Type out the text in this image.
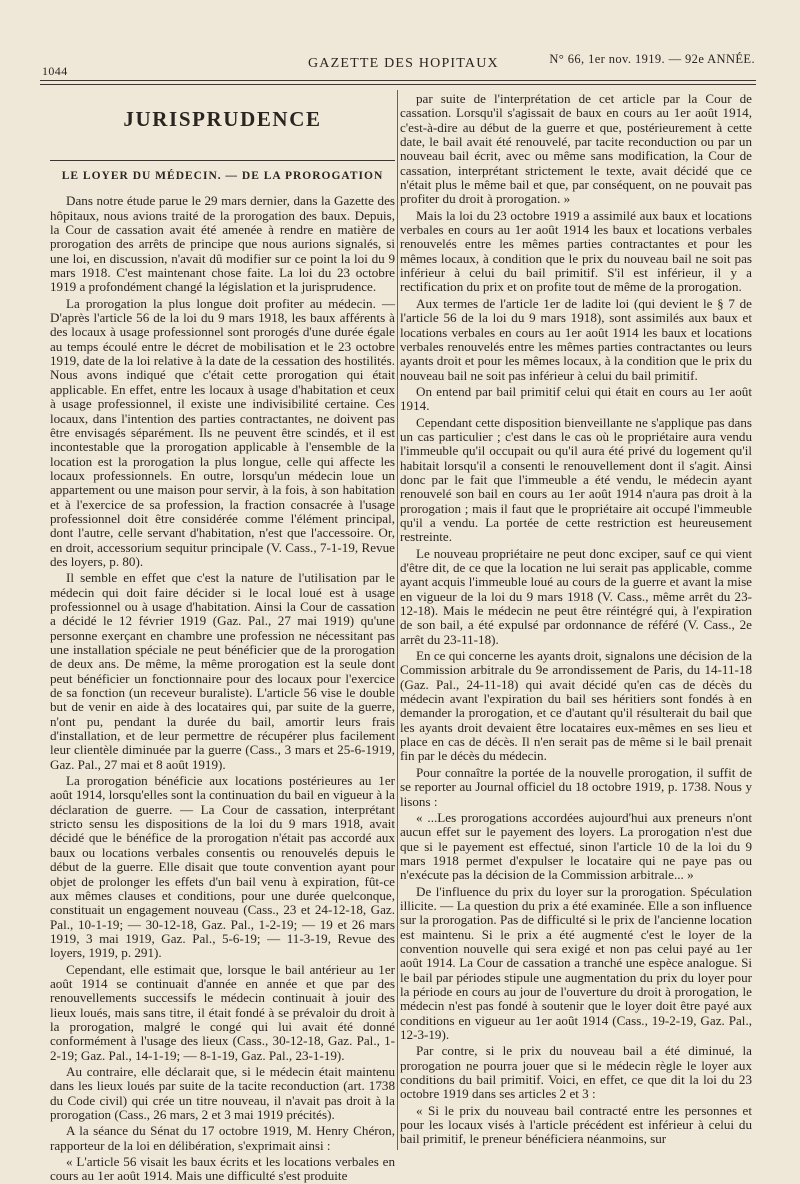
1044	GAZETTE DES HOPITAUX	N° 66, 1er nov. 1919. — 92e ANNÉE.
JURISPRUDENCE
LE LOYER DU MÉDECIN. — DE LA PROROGATION

Dans notre étude parue le 29 mars dernier, dans la Gazette des hôpitaux, nous avions traité de la prorogation des baux. Depuis, la Cour de cassation avait été amenée à rendre en matière de prorogation des arrêts de principe que nous aurions signalés, si une loi, en discussion, n'avait dû modifier sur ce point la loi du 9 mars 1918. C'est maintenant chose faite. La loi du 23 octobre 1919 a profondément changé la législation et la jurisprudence.

La prorogation la plus longue doit profiter au médecin. — D'après l'article 56 de la loi du 9 mars 1918, les baux afférents à des locaux à usage professionnel sont prorogés d'une durée égale au temps écoulé entre le décret de mobilisation et le 23 octobre 1919, date de la loi relative à la date de la cessation des hostilités. Nous avons indiqué que c'était cette prorogation qui était applicable. En effet, entre les locaux à usage d'habitation et ceux à usage professionnel, il existe une indivisibilité certaine. Ces locaux, dans l'intention des parties contractantes, ne doivent pas être envisagés séparément. Ils ne peuvent être scindés, et il est incontestable que la prorogation applicable à l'ensemble de la location est la prorogation la plus longue, celle qui affecte les locaux professionnels. En outre, lorsqu'un médecin loue un appartement ou une maison pour servir, à la fois, à son habitation et à l'exercice de sa profession, la fraction consacrée à l'usage professionnel doit être considérée comme l'élément principal, dont l'autre, celle servant d'habitation, n'est que l'accessoire. Or, en droit, accessorium sequitur principale (V. Cass., 7-1-19, Revue des loyers, p. 80).

Il semble en effet que c'est la nature de l'utilisation par le médecin qui doit faire décider si le local loué est à usage professionnel ou à usage d'habitation. Ainsi la Cour de cassation a décidé le 12 février 1919 (Gaz. Pal., 27 mai 1919) qu'une personne exerçant en chambre une profession ne nécessitant pas une installation spéciale ne peut bénéficier que de la prorogation de deux ans. De même, la même prorogation est la seule dont peut bénéficier un fonctionnaire pour des locaux pour l'exercice de sa fonction (un receveur buraliste). L'article 56 vise le double but de venir en aide à des locataires qui, par suite de la guerre, n'ont pu, pendant la durée du bail, amortir leurs frais d'installation, et de leur permettre de récupérer plus facilement leur clientèle diminuée par la guerre (Cass., 3 mars et 25-6-1919, Gaz. Pal., 27 mai et 8 août 1919).

La prorogation bénéficie aux locations postérieures au 1er août 1914, lorsqu'elles sont la continuation du bail en vigueur à la déclaration de guerre. — La Cour de cassation, interprétant stricto sensu les dispositions de la loi du 9 mars 1918, avait décidé que le bénéfice de la prorogation n'était pas accordé aux baux ou locations verbales consentis ou renouvelés depuis le début de la guerre. Elle disait que toute convention ayant pour objet de prolonger les effets d'un bail venu à expiration, fût-ce aux mêmes clauses et conditions, pour une durée quelconque, constituait un engagement nouveau (Cass., 23 et 24-12-18, Gaz. Pal., 10-1-19; — 30-12-18, Gaz. Pal., 1-2-19; — 19 et 26 mars 1919, 3 mai 1919, Gaz. Pal., 5-6-19; — 11-3-19, Revue des loyers, 1919, p. 291).

Cependant, elle estimait que, lorsque le bail antérieur au 1er août 1914 se continuait d'année en année et que par des renouvellements successifs le médecin continuait à jouir des lieux loués, mais sans titre, il était fondé à se prévaloir du droit à la prorogation, malgré le congé qui lui avait été donné conformément à l'usage des lieux (Cass., 30-12-18, Gaz. Pal., 1-2-19; Gaz. Pal., 14-1-19; — 8-1-19, Gaz. Pal., 23-1-19).

Au contraire, elle déclarait que, si le médecin était maintenu dans les lieux loués par suite de la tacite reconduction (art. 1738 du Code civil) qui crée un titre nouveau, il n'avait pas droit à la prorogation (Cass., 26 mars, 2 et 3 mai 1919 précités).

A la séance du Sénat du 17 octobre 1919, M. Henry Chéron, rapporteur de la loi en délibération, s'exprimait ainsi :

« L'article 56 visait les baux écrits et les locations verbales en cours au 1er août 1914. Mais une difficulté s'est produite

par suite de l'interprétation de cet article par la Cour de cassation. Lorsqu'il s'agissait de baux en cours au 1er août 1914, c'est-à-dire au début de la guerre et que, postérieurement à cette date, le bail avait été renouvelé, par tacite reconduction ou par un nouveau bail écrit, avec ou même sans modification, la Cour de cassation, interprétant strictement le texte, avait décidé que ce n'était plus le même bail et que, par conséquent, on ne pouvait pas profiter du droit à prorogation. »

Mais la loi du 23 octobre 1919 a assimilé aux baux et locations verbales en cours au 1er août 1914 les baux et locations verbales renouvelés entre les mêmes parties contractantes et pour les mêmes locaux, à condition que le prix du nouveau bail ne soit pas inférieur à celui du bail primitif. S'il est inférieur, il y a rectification du prix et on profite tout de même de la prorogation.

Aux termes de l'article 1er de ladite loi (qui devient le § 7 de l'article 56 de la loi du 9 mars 1918), sont assimilés aux baux et locations verbales en cours au 1er août 1914 les baux et locations verbales renouvelés entre les mêmes parties contractantes ou leurs ayants droit et pour les mêmes locaux, à la condition que le prix du nouveau bail ne soit pas inférieur à celui du bail primitif.

On entend par bail primitif celui qui était en cours au 1er août 1914.

Cependant cette disposition bienveillante ne s'applique pas dans un cas particulier ; c'est dans le cas où le propriétaire aura vendu l'immeuble qu'il occupait ou qu'il aura été privé du logement qu'il habitait lorsqu'il a consenti le renouvellement dont il s'agit. Ainsi donc par le fait que l'immeuble a été vendu, le médecin ayant renouvelé son bail en cours au 1er août 1914 n'aura pas droit à la prorogation ; mais il faut que le propriétaire ait occupé l'immeuble qu'il a vendu. La portée de cette restriction est heureusement restreinte.

Le nouveau propriétaire ne peut donc exciper, sauf ce qui vient d'être dit, de ce que la location ne lui serait pas applicable, comme ayant acquis l'immeuble loué au cours de la guerre et avant la mise en vigueur de la loi du 9 mars 1918 (V. Cass., même arrêt du 23-12-18). Mais le médecin ne peut être réintégré qui, à l'expiration de son bail, a été expulsé par ordonnance de référé (V. Cass., 2e arrêt du 23-11-18).

En ce qui concerne les ayants droit, signalons une décision de la Commission arbitrale du 9e arrondissement de Paris, du 14-11-18 (Gaz. Pal., 24-11-18) qui avait décidé qu'en cas de décès du médecin avant l'expiration du bail ses héritiers sont fondés à en demander la prorogation, et ce d'autant qu'il résulterait du bail que les ayants droit devaient être locataires eux-mêmes en ses lieu et place en cas de décès. Il n'en serait pas de même si le bail prenait fin par le décès du médecin.

Pour connaître la portée de la nouvelle prorogation, il suffit de se reporter au Journal officiel du 18 octobre 1919, p. 1738. Nous y lisons :

« ...Les prorogations accordées aujourd'hui aux preneurs n'ont aucun effet sur le payement des loyers. La prorogation n'est due que si le payement est effectué, sinon l'article 10 de la loi du 9 mars 1918 permet d'expulser le locataire qui ne paye pas ou n'exécute pas la décision de la Commission arbitrale... »

De l'influence du prix du loyer sur la prorogation. Spéculation illicite. — La question du prix a été examinée. Elle a son influence sur la prorogation. Pas de difficulté si le prix de l'ancienne location est maintenu. Si le prix a été augmenté c'est le loyer de la convention nouvelle qui sera exigé et non pas celui payé au 1er août 1914. La Cour de cassation a tranché une espèce analogue. Si le bail par périodes stipule une augmentation du prix du loyer pour la période en cours au jour de l'ouverture du droit à prorogation, le médecin n'est pas fondé à soutenir que le loyer doit être payé aux conditions en vigueur au 1er août 1914 (Cass., 19-2-19, Gaz. Pal., 12-3-19).

Par contre, si le prix du nouveau bail a été diminué, la prorogation ne pourra jouer que si le médecin règle le loyer aux conditions du bail primitif. Voici, en effet, ce que dit la loi du 23 octobre 1919 dans ses articles 2 et 3 :

« Si le prix du nouveau bail contracté entre les personnes et pour les locaux visés à l'article précédent est inférieur à celui du bail primitif, le preneur bénéficiera néanmoins, sur
